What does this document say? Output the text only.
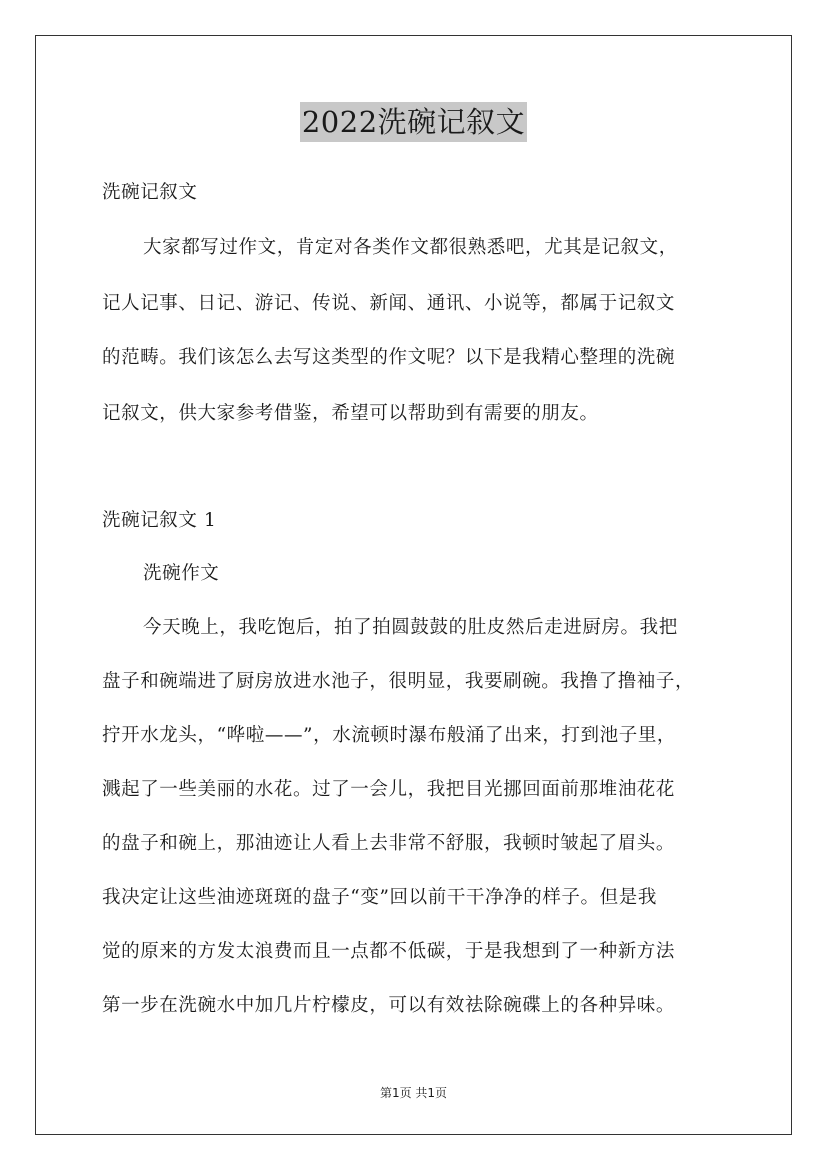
2022洗碗记叙文
洗碗记叙文
大家都写过作文，肯定对各类作文都很熟悉吧，尤其是记叙文，
记人记事、日记、游记、传说、新闻、通讯、小说等，都属于记叙文
的范畴。我们该怎么去写这类型的作文呢？以下是我精心整理的洗碗
记叙文，供大家参考借鉴，希望可以帮助到有需要的朋友。
洗碗记叙文 1
洗碗作文
今天晚上，我吃饱后，拍了拍圆鼓鼓的肚皮然后走进厨房。我把
盘子和碗端进了厨房放进水池子，很明显，我要刷碗。我撸了撸袖子，
拧开水龙头，“哗啦——”，水流顿时瀑布般涌了出来，打到池子里，
溅起了一些美丽的水花。过了一会儿，我把目光挪回面前那堆油花花
的盘子和碗上，那油迹让人看上去非常不舒服，我顿时皱起了眉头。
我决定让这些油迹斑斑的盘子“变”回以前干干净净的样子。但是我
觉的原来的方发太浪费而且一点都不低碳，于是我想到了一种新方法
第一步在洗碗水中加几片柠檬皮，可以有效祛除碗碟上的各种异味。
第1页 共1页
